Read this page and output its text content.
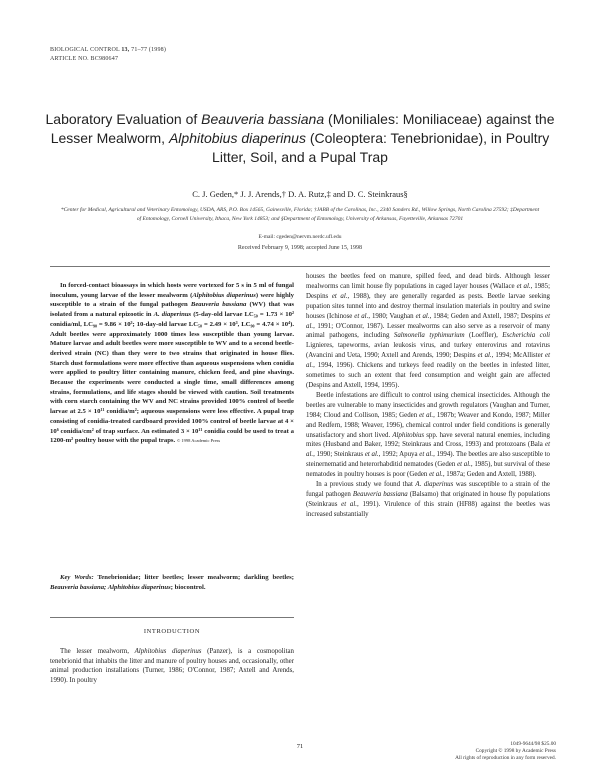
BIOLOGICAL CONTROL 13, 71–77 (1998)
ARTICLE NO. BC980647
Laboratory Evaluation of Beauveria bassiana (Moniliales: Moniliaceae) against the Lesser Mealworm, Alphitobius diaperinus (Coleoptera: Tenebrionidae), in Poultry Litter, Soil, and a Pupal Trap
C. J. Geden,* J. J. Arends,† D. A. Rutz,‡ and D. C. Steinkraus§
*Center for Medical, Agricultural and Veterinary Entomology, USDA, ARS, P.O. Box 14565, Gainesville, Florida; †JABB of the Carolinas, Inc., 2340 Sanders Rd., Willow Springs, North Carolina 27592; ‡Department of Entomology, Cornell University, Ithaca, New York 14853; and §Department of Entomology, University of Arkansas, Fayetteville, Arkansas 72701
E-mail: cgeden@nervm.nerdc.ufl.edu
Received February 9, 1998; accepted June 15, 1998
In forced-contact bioassays in which hosts were vortexed for 5 s in 5 ml of fungal inoculum, young larvae of the lesser mealworm (Alphitobius diaperinus) were highly susceptible to a strain of the fungal pathogen Beauveria bassiana (WV) that was isolated from a natural epizootic in A. diaperinus (5-day-old larvae LC₅₀ = 1.73 × 10² conidia/ml, LC₉₀ = 9.86 × 10³; 10-day-old larvae LC₅₀ = 2.49 × 10³, LC₉₀ = 4.74 × 10⁴). Adult beetles were approximately 1000 times less susceptible than young larvae. Mature larvae and adult beetles were more susceptible to WV and to a second beetle-derived strain (NC) than they were to two strains that originated in house flies. Starch dust formulations were more effective than aqueous suspensions when conidia were applied to poultry litter containing manure, chicken feed, and pine shavings. Because the experiments were conducted a single time, small differences among strains, formulations, and life stages should be viewed with caution. Soil treatments with corn starch containing the WV and NC strains provided 100% control of beetle larvae at 2.5 × 10¹¹ conidia/m²; aqueous suspensions were less effective. A pupal trap consisting of conidia-treated cardboard provided 100% control of beetle larvae at 4 × 10⁶ conidia/cm² of trap surface. An estimated 3 × 10¹¹ conidia could be used to treat a 1200-m² poultry house with the pupal traps. © 1998 Academic Press
Key Words: Tenebrionidae; litter beetles; lesser mealworm; darkling beetles; Beauveria bassiana; Alphitobius diaperinus; biocontrol.
INTRODUCTION
The lesser mealworm, Alphitobius diaperinus (Panzer), is a cosmopolitan tenebrionid that inhabits the litter and manure of poultry houses and, occasionally, other animal production installations (Turner, 1986; O'Connor, 1987; Axtell and Arends, 1990). In poultry

houses the beetles feed on manure, spilled feed, and dead birds. Although lesser mealworms can limit house fly populations in caged layer houses (Wallace et al., 1985; Despins et al., 1988), they are generally regarded as pests. Beetle larvae seeking pupation sites tunnel into and destroy thermal insulation materials in poultry and swine houses (Ichinose et al., 1980; Vaughan et al., 1984; Geden and Axtell, 1987; Despins et al., 1991; O'Connor, 1987). Lesser mealworms can also serve as a reservoir of many animal pathogens, including Salmonella typhimurium (Loeffler), Escherichia coli Lignieres, tapeworms, avian leukosis virus, and turkey enterovirus and rotavirus (Avancini and Ueta, 1990; Axtell and Arends, 1990; Despins et al., 1994; McAllister et al., 1994, 1996). Chickens and turkeys feed readily on the beetles in infested litter, sometimes to such an extent that feed consumption and weight gain are affected (Despins and Axtell, 1994, 1995).

Beetle infestations are difficult to control using chemical insecticides. Although the beetles are vulnerable to many insecticides and growth regulators (Vaughan and Turner, 1984; Cloud and Collison, 1985; Geden et al., 1987b; Weaver and Kondo, 1987; Miller and Redfern, 1988; Weaver, 1996), chemical control under field conditions is generally unsatisfactory and short lived. Alphitobius spp. have several natural enemies, including mites (Husband and Baker, 1992; Steinkraus and Cross, 1993) and protozoans (Bala et al., 1990; Steinkraus et al., 1992; Apuya et al., 1994). The beetles are also susceptible to steinernematid and heterorhabditid nematodes (Geden et al., 1985), but survival of these nematodes in poultry houses is poor (Geden et al., 1987a; Geden and Axtell, 1988).

In a previous study we found that A. diaperinus was susceptible to a strain of the fungal pathogen Beauveria bassiana (Balsamo) that originated in house fly populations (Steinkraus et al., 1991). Virulence of this strain (HF88) against the beetles was increased substantially

71	1049-9644/98 $25.00
Copyright © 1998 by Academic Press
All rights of reproduction in any form reserved.
